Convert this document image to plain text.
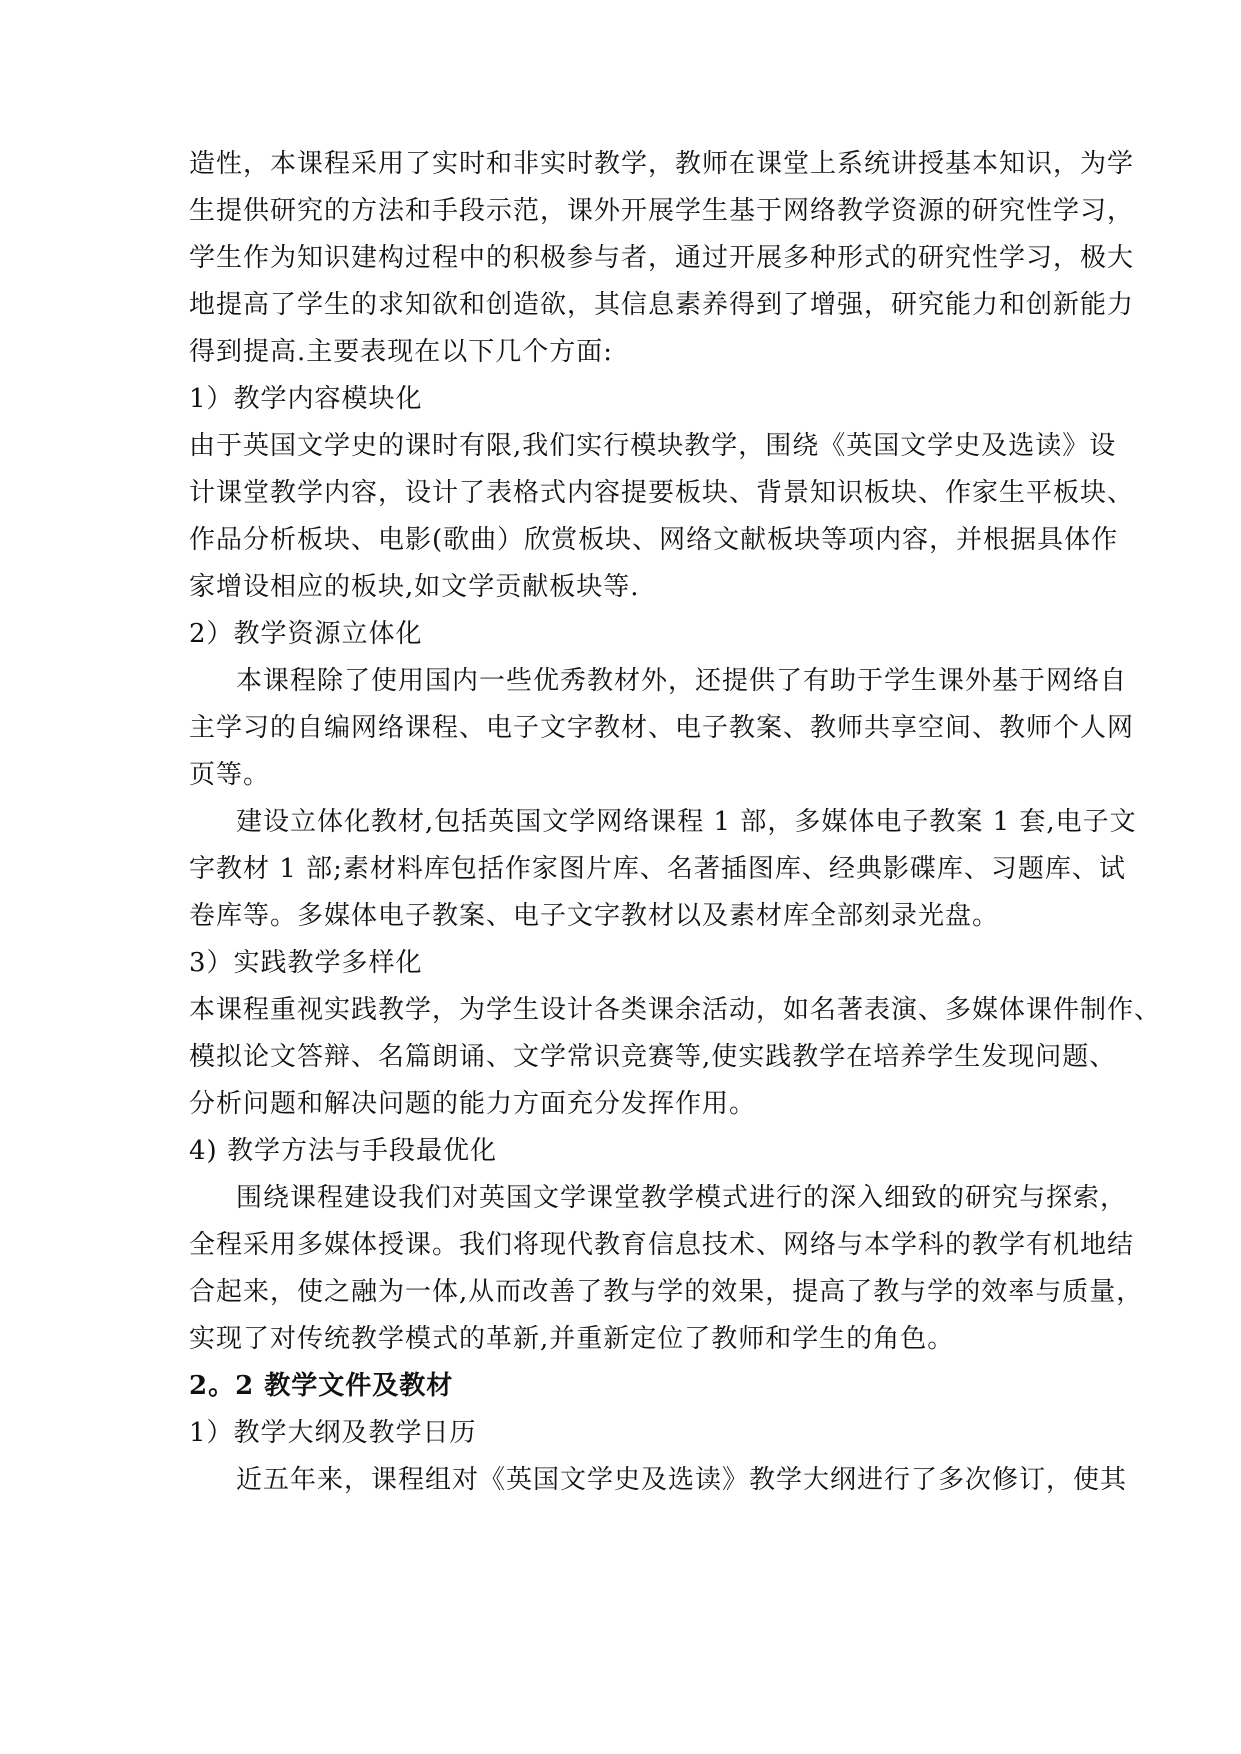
造性，本课程采用了实时和非实时教学，教师在课堂上系统讲授基本知识，为学
生提供研究的方法和手段示范，课外开展学生基于网络教学资源的研究性学习，
学生作为知识建构过程中的积极参与者，通过开展多种形式的研究性学习，极大
地提高了学生的求知欲和创造欲，其信息素养得到了增强，研究能力和创新能力
得到提高.主要表现在以下几个方面:
1）教学内容模块化
由于英国文学史的课时有限,我们实行模块教学，围绕《英国文学史及选读》设
计课堂教学内容，设计了表格式内容提要板块、背景知识板块、作家生平板块、
作品分析板块、电影(歌曲）欣赏板块、网络文献板块等项内容，并根据具体作
家增设相应的板块,如文学贡献板块等.
2）教学资源立体化
本课程除了使用国内一些优秀教材外，还提供了有助于学生课外基于网络自
主学习的自编网络课程、电子文字教材、电子教案、教师共享空间、教师个人网
页等。
建设立体化教材,包括英国文学网络课程 1 部，多媒体电子教案 1 套,电子文
字教材 1 部;素材料库包括作家图片库、名著插图库、经典影碟库、习题库、试
卷库等。多媒体电子教案、电子文字教材以及素材库全部刻录光盘。
3）实践教学多样化
本课程重视实践教学，为学生设计各类课余活动，如名著表演、多媒体课件制作、
模拟论文答辩、名篇朗诵、文学常识竞赛等,使实践教学在培养学生发现问题、
分析问题和解决问题的能力方面充分发挥作用。
4) 教学方法与手段最优化
围绕课程建设我们对英国文学课堂教学模式进行的深入细致的研究与探索，
全程采用多媒体授课。我们将现代教育信息技术、网络与本学科的教学有机地结
合起来，使之融为一体,从而改善了教与学的效果，提高了教与学的效率与质量，
实现了对传统教学模式的革新,并重新定位了教师和学生的角色。
2。2 教学文件及教材
1）教学大纲及教学日历
近五年来，课程组对《英国文学史及选读》教学大纲进行了多次修订，使其
